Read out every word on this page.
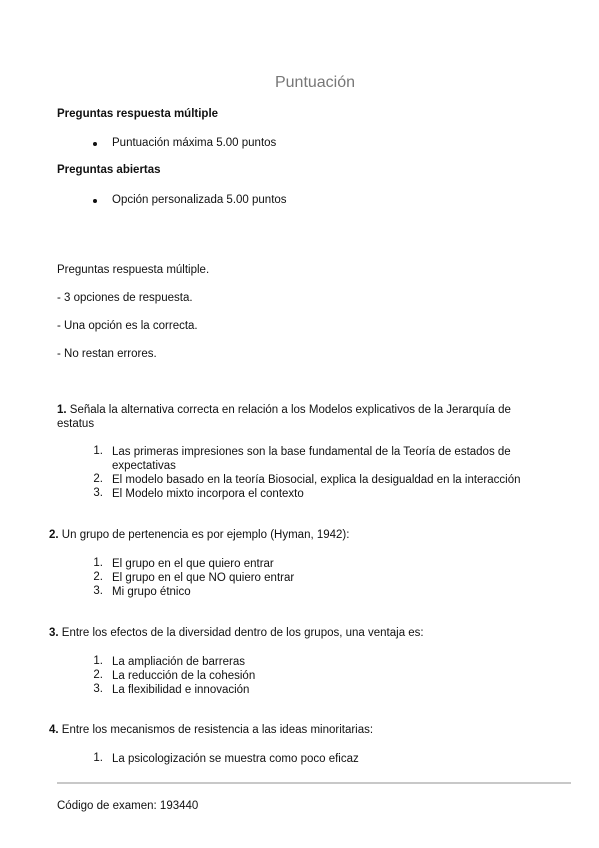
Puntuación
Preguntas respuesta múltiple
Puntuación máxima 5.00 puntos
Preguntas abiertas
Opción personalizada 5.00 puntos
Preguntas respuesta múltiple.
- 3 opciones de respuesta.
- Una opción es la correcta.
- No restan errores.
1. Señala la alternativa correcta en relación a los Modelos explicativos de la Jerarquía de estatus
1. Las primeras impresiones son la base fundamental de la Teoría de estados de expectativas
2. El modelo basado en la teoría Biosocial, explica la desigualdad en la interacción
3. El Modelo mixto incorpora el contexto
2. Un grupo de pertenencia es por ejemplo (Hyman, 1942):
1. El grupo en el que quiero entrar
2. El grupo en el que NO quiero entrar
3. Mi grupo étnico
3. Entre los efectos de la diversidad dentro de los grupos, una ventaja es:
1. La ampliación de barreras
2. La reducción de la cohesión
3. La flexibilidad e innovación
4. Entre los mecanismos de resistencia a las ideas minoritarias:
1. La psicologización se muestra como poco eficaz
Código de examen: 193440
